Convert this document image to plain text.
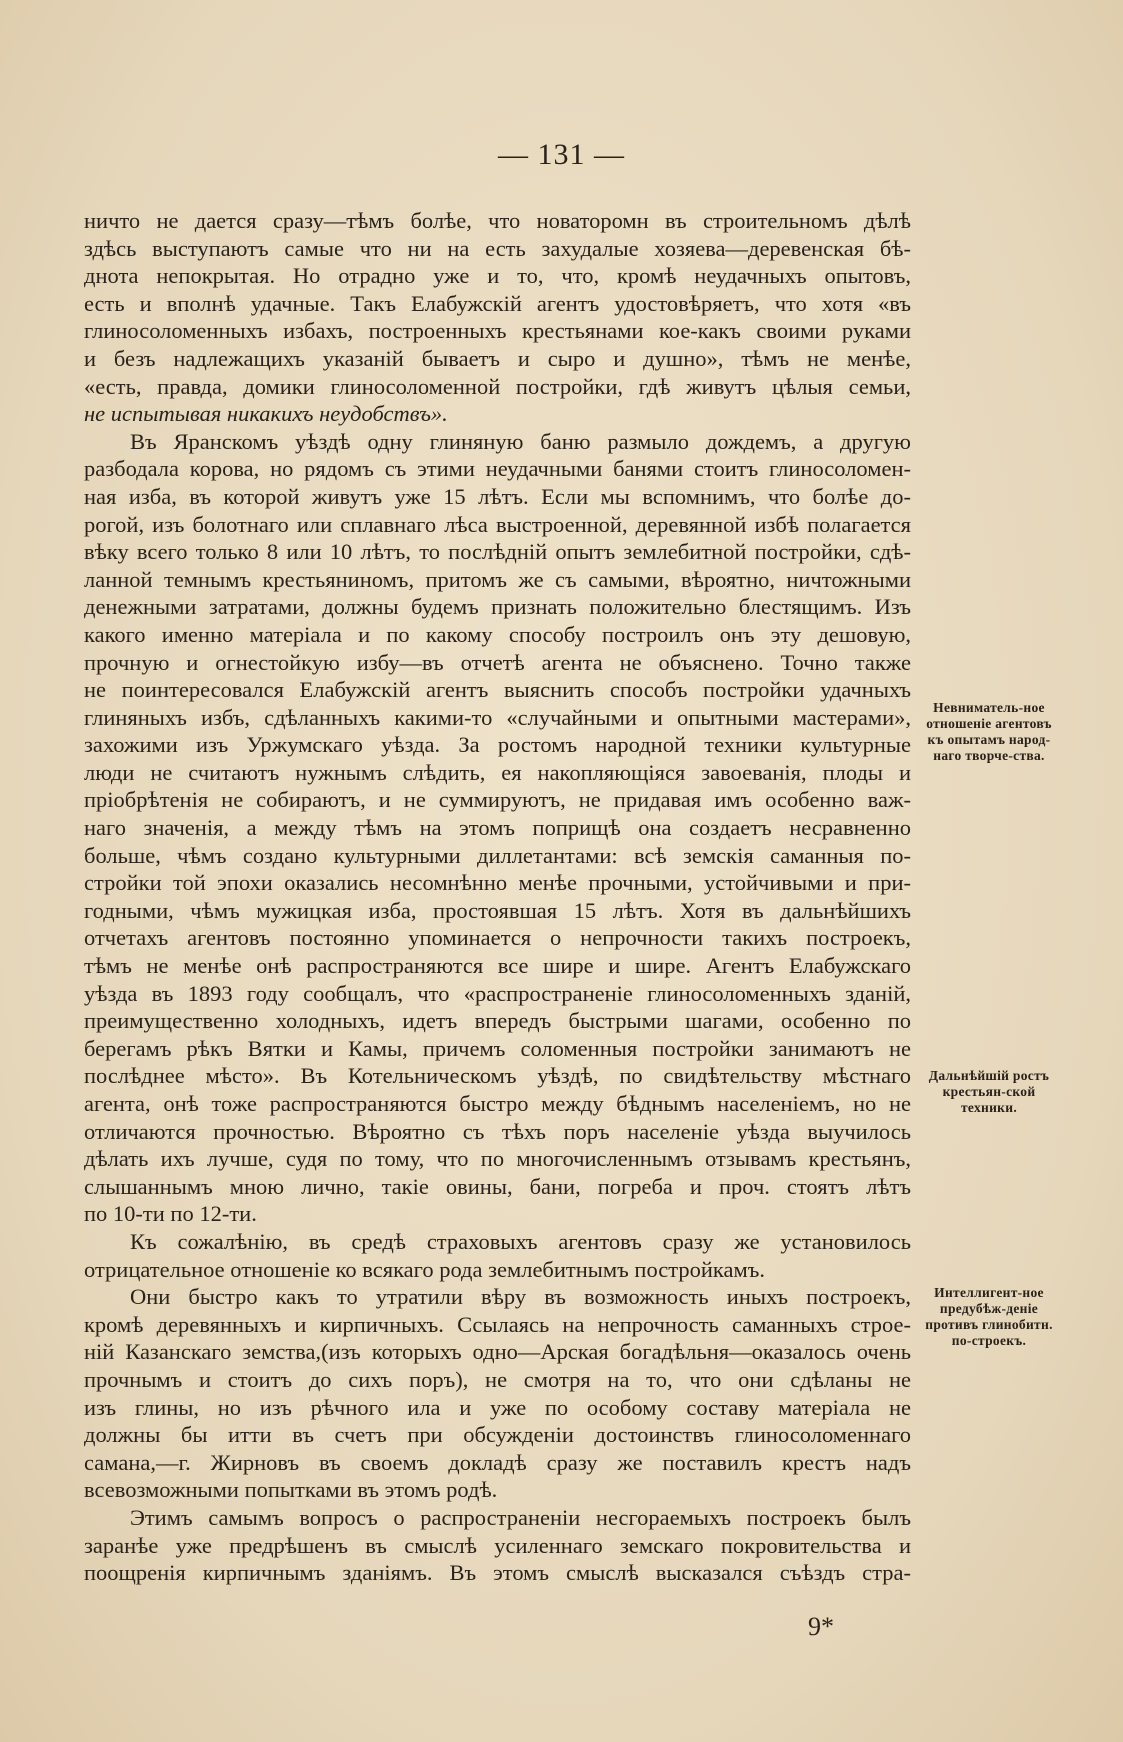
— 131 —
ничто не дается сразу—тѣмъ болѣе, что новаторомн въ строительномъ дѣлѣ
здѣсь выступаютъ самые что ни на есть захудалые хозяева—деревенская бѣ-
днота непокрытая. Но отрадно уже и то, что, кромѣ неудачныхъ опытовъ,
есть и вполнѣ удачные. Такъ Елабужскій агентъ удостовѣряетъ, что хотя «въ
глиносоломенныхъ избахъ, построенныхъ крестьянами кое-какъ своими руками
и безъ надлежащихъ указаній бываетъ и сыро и душно», тѣмъ не менѣе,
«есть, правда, домики глиносоломенной постройки, гдѣ живутъ цѣлыя семьи,
не испытывая никакихъ неудобствъ».
Въ Яранскомъ уѣздѣ одну глиняную баню размыло дождемъ, а другую
разбодала корова, но рядомъ съ этими неудачными банями стоитъ глиносоломен-
ная изба, въ которой живутъ уже 15 лѣтъ. Если мы вспомнимъ, что болѣе до-
рогой, изъ болотнаго или сплавнаго лѣса выстроенной, деревянной избѣ полагается
вѣку всего только 8 или 10 лѣтъ, то послѣдній опытъ землебитной постройки, сдѣ-
ланной темнымъ крестьяниномъ, притомъ же съ самыми, вѣроятно, ничтожными
денежными затратами, должны будемъ признать положительно блестящимъ. Изъ
какого именно матеріала и по какому способу построилъ онъ эту дешовую,
прочную и огнестойкую избу—въ отчетѣ агента не объяснено. Точно также
не поинтересовался Елабужскій агентъ выяснить способъ постройки удачныхъ
глиняныхъ избъ, сдѣланныхъ какими-то «случайными и опытными мастерами»,
захожими изъ Уржумскаго уѣзда. За ростомъ народной техники культурные
люди не считаютъ нужнымъ слѣдить, ея накопляющіяся завоеванія, плоды и
пріобрѣтенія не собираютъ, и не суммируютъ, не придавая имъ особенно важ-
наго значенія, а между тѣмъ на этомъ поприщѣ она создаетъ несравненно
больше, чѣмъ создано культурными диллетантами: всѣ земскія саманныя по-
стройки той эпохи оказались несомнѣнно менѣе прочными, устойчивыми и при-
годными, чѣмъ мужицкая изба, простоявшая 15 лѣтъ. Хотя въ дальнѣйшихъ
отчетахъ агентовъ постоянно упоминается о непрочности такихъ построекъ,
тѣмъ не менѣе онѣ распространяются все шире и шире. Агентъ Елабужскаго
уѣзда въ 1893 году сообщалъ, что «распространеніе глиносоломенныхъ зданій,
преимущественно холодныхъ, идетъ впередъ быстрыми шагами, особенно по
берегамъ рѣкъ Вятки и Камы, причемъ соломенныя постройки занимаютъ не
послѣднее мѣсто». Въ Котельническомъ уѣздѣ, по свидѣтельству мѣстнаго
агента, онѣ тоже распространяются быстро между бѣднымъ населеніемъ, но не
отличаются прочностью. Вѣроятно съ тѣхъ поръ населеніе уѣзда выучилось
дѣлать ихъ лучше, судя по тому, что по многочисленнымъ отзывамъ крестьянъ,
слышаннымъ мною лично, такіе овины, бани, погреба и проч. стоятъ лѣтъ
по 10-ти по 12-ти.
Къ сожалѣнію, въ средѣ страховыхъ агентовъ сразу же установилось
отрицательное отношеніе ко всякаго рода землебитнымъ постройкамъ.
Они быстро какъ то утратили вѣру въ возможность иныхъ построекъ,
кромѣ деревянныхъ и кирпичныхъ. Ссылаясь на непрочность саманныхъ строе-
ній Казанскаго земства,(изъ которыхъ одно—Арская богадѣльня—оказалось очень
прочнымъ и стоитъ до сихъ поръ), не смотря на то, что они сдѣланы не
изъ глины, но изъ рѣчного ила и уже по особому составу матеріала не
должны бы итти въ счетъ при обсужденіи достоинствъ глиносоломеннаго
самана,—г. Жирновъ въ своемъ докладѣ сразу же поставилъ крестъ надъ
всевозможными попытками въ этомъ родѣ.
Этимъ самымъ вопросъ о распространеніи несгораемыхъ построекъ былъ
заранѣе уже предрѣшенъ въ смыслѣ усиленнаго земскаго покровительства и
поощренія кирпичнымъ зданіямъ. Въ этомъ смыслѣ высказался съѣздъ стра-
Невниматель-ное отношеніе агентовъ къ опытамъ народ-наго творче-ства.
Дальнѣйшій ростъ крестьян-ской техники.
Интеллигент-ное предубѣж-деніе противъ глинобитн. по-строекъ.
9*
